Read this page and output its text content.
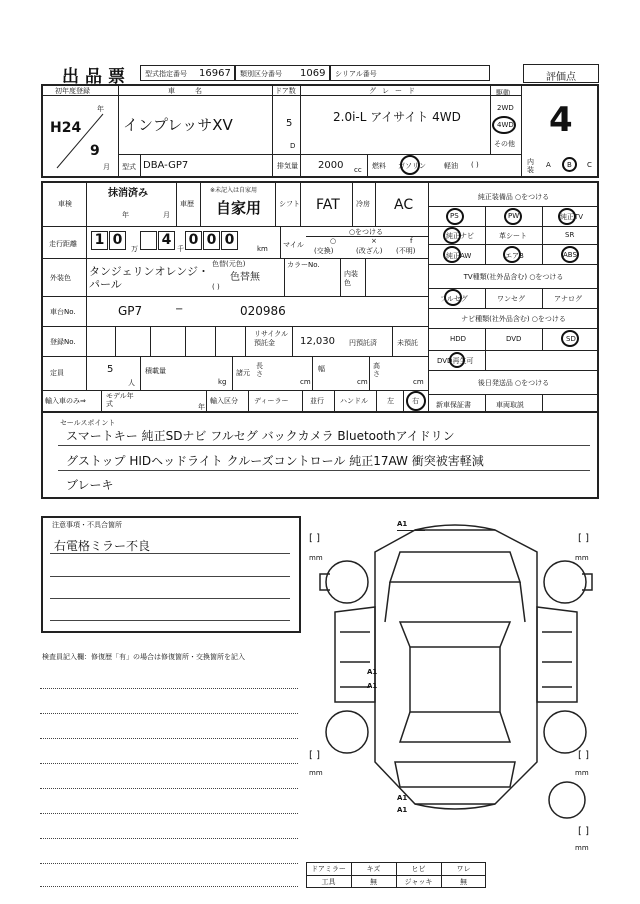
出品票 型式指定番号 16967 類別区分番号 1069 シリアル番号	評価点
初年度登録
年
H24
9
月
車名
インプレッサXV
ドア数
5
D
グレード
2.0i-L アイサイト 4WD
駆動
2WD
4WD
その他
4
型式 DBA-GP7	排気量 2000 cc 燃料 ガソリン	軽油 ( )	内装
A B C
車検
抹消済み
年	月
車歴
※未記入は自家用
自家用	シフト FAT 冷房 AC
走行距離 1 0
万
4
千
0 0 0
km マイル
○をつける
○	×	f
(交換)	(改ざん) (不明)
外装色 タンジェリンオレンジ・パール
色替(元色)
色替無
( )
カラーNo.
内装色
車台No.	GP7	−	020986
登録No.
リサイクル預託金	12,030 円預託済	未預託
定員	5
人
積載量
kg
諸元
長さ
cm
幅
cm
高さ
cm
輸入車のみ⇒
モデル年式	年
輸入区分 ディーラー	並行 ハンドル	左	右
純正装備品 ○をつける
PS	PW	純正TV
純正ナビ	革シート	SR
純正AW	エアB	ABS
TV種類(社外品含む) ○をつける
フルセグ	ワンセグ	アナログ
ナビ種類(社外品含む) ○をつける
HDD	DVD	SD
DVD再生可
後日発送品 ○をつける
新車保証書	車両取説
セールスポイント
スマートキー 純正SDナビ フルセグ バックカメラ Bluetoothアイドリン
グストップ HIDヘッドライト クルーズコントロール 純正17AW 衝突被害軽減
ブレーキ
注意事項・不具合箇所
右電格ミラー不良
検査員記入欄：修復歴「有」の場合は修復箇所・交換箇所を記入
A1
A1
A1
A1
A1
mm	mm
mm	mm
mm
[ ]	[ ]
[ ]	[ ]
[ ]
ドアミラー	キズ	ヒビ	ワレ
工具	無	ジャッキ	無
